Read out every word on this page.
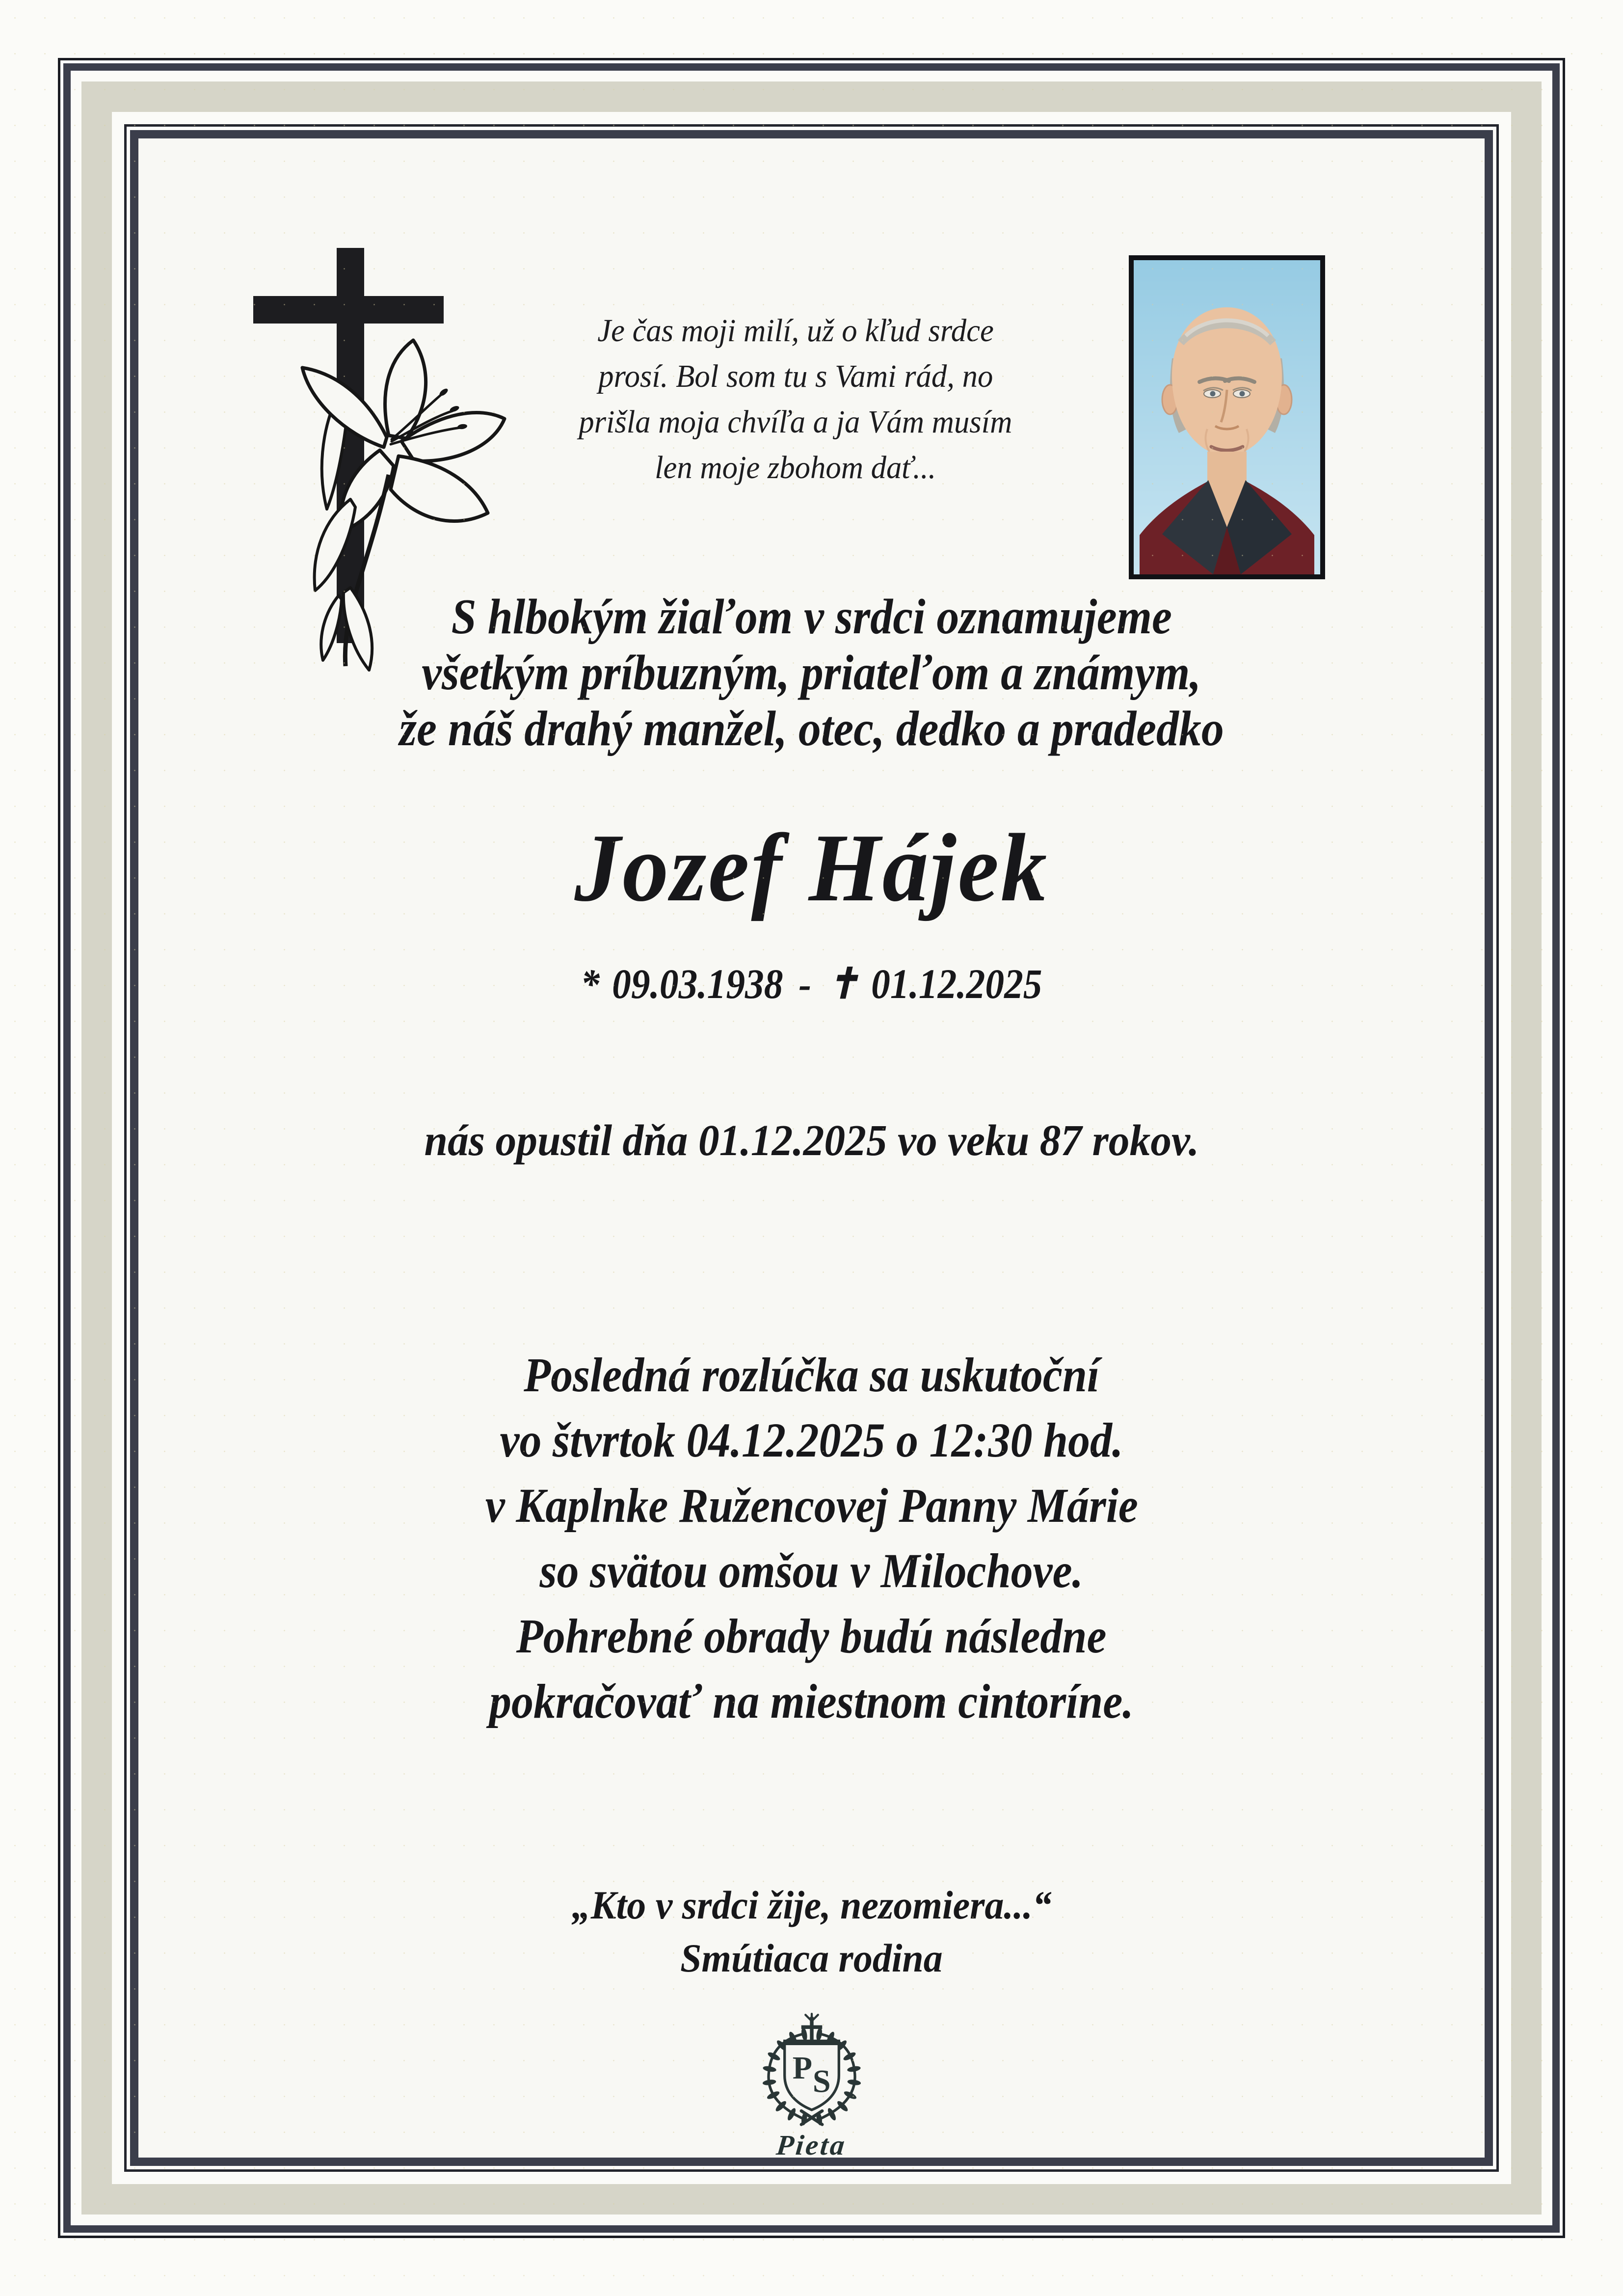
Je čas moji milí, už o kľud srdce
prosí. Bol som tu s Vami rád, no
prišla moja chvíľa a ja Vám musím
len moje zbohom dať...
S hlbokým žiaľom v srdci oznamujeme
všetkým príbuzným, priateľom a známym,
že náš drahý manžel, otec, dedko a pradedko
Jozef Hájek
* 09.03.1938 - ✝ 01.12.2025
nás opustil dňa 01.12.2025 vo veku 87 rokov.
Posledná rozlúčka sa uskutoční
vo štvrtok 04.12.2025 o 12:30 hod.
v Kaplnke Ružencovej Panny Márie
so svätou omšou v Milochove.
Pohrebné obrady budú následne
pokračovať na miestnom cintoríne.
„Kto v srdci žije, nezomiera...“
Smútiaca rodina
P S
Pieta
